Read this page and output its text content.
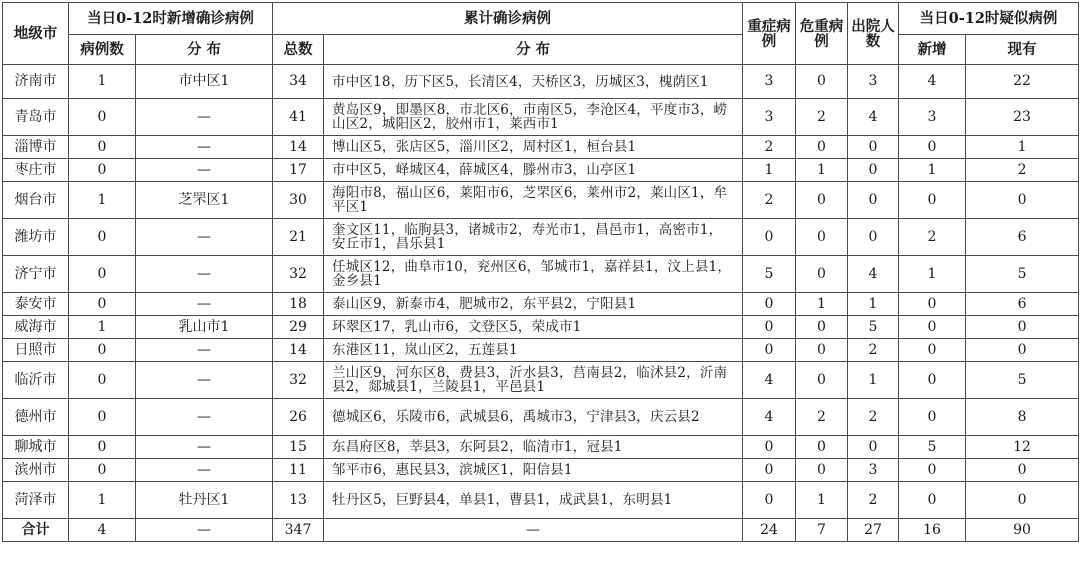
地级市	当日0-12时新增确诊病例		累计确诊病例		重症病例	危重病例	出院人数	当日0-12时疑似病例	
	病例数	分 布	总数	分 布				新增	现有
济南市	1	市中区1	34	市中区18，历下区5，长清区4，天桥区3，历城区3，槐荫区1	3	0	3	4	22
青岛市	0	—	41	黄岛区9，即墨区8，市北区6，市南区5，李沧区4，平度市3，崂山区2，城阳区2，胶州市1，莱西市1	3	2	4	3	23
淄博市	0	—	14	博山区5，张店区5，淄川区2，周村区1，桓台县1	2	0	0	0	1
枣庄市	0	—	17	市中区5，峄城区4，薛城区4，滕州市3，山亭区1	1	1	0	1	2
烟台市	1	芝罘区1	30	海阳市8，福山区6，莱阳市6，芝罘区6，莱州市2，莱山区1，牟平区1	2	0	0	0	0
潍坊市	0	—	21	奎文区11，临朐县3，诸城市2，寿光市1，昌邑市1，高密市1，安丘市1，昌乐县1	0	0	0	2	6
济宁市	0	—	32	任城区12，曲阜市10，兖州区6，邹城市1，嘉祥县1，汶上县1，金乡县1	5	0	4	1	5
泰安市	0	—	18	泰山区9，新泰市4，肥城市2，东平县2，宁阳县1	0	1	1	0	6
威海市	1	乳山市1	29	环翠区17，乳山市6，文登区5，荣成市1	0	0	5	0	0
日照市	0	—	14	东港区11，岚山区2，五莲县1	0	0	2	0	0
临沂市	0	—	32	兰山区9，河东区8，费县3，沂水县3，莒南县2，临沭县2，沂南县2，郯城县1，兰陵县1，平邑县1	4	0	1	0	5
德州市	0	—	26	德城区6，乐陵市6，武城县6，禹城市3，宁津县3，庆云县2	4	2	2	0	8
聊城市	0	—	15	东昌府区8，莘县3，东阿县2，临清市1，冠县1	0	0	0	5	12
滨州市	0	—	11	邹平市6，惠民县3，滨城区1，阳信县1	0	0	3	0	0
菏泽市	1	牡丹区1	13	牡丹区5，巨野县4，单县1，曹县1，成武县1，东明县1	0	1	2	0	0
合计	4	—	347	—	24	7	27	16	90
